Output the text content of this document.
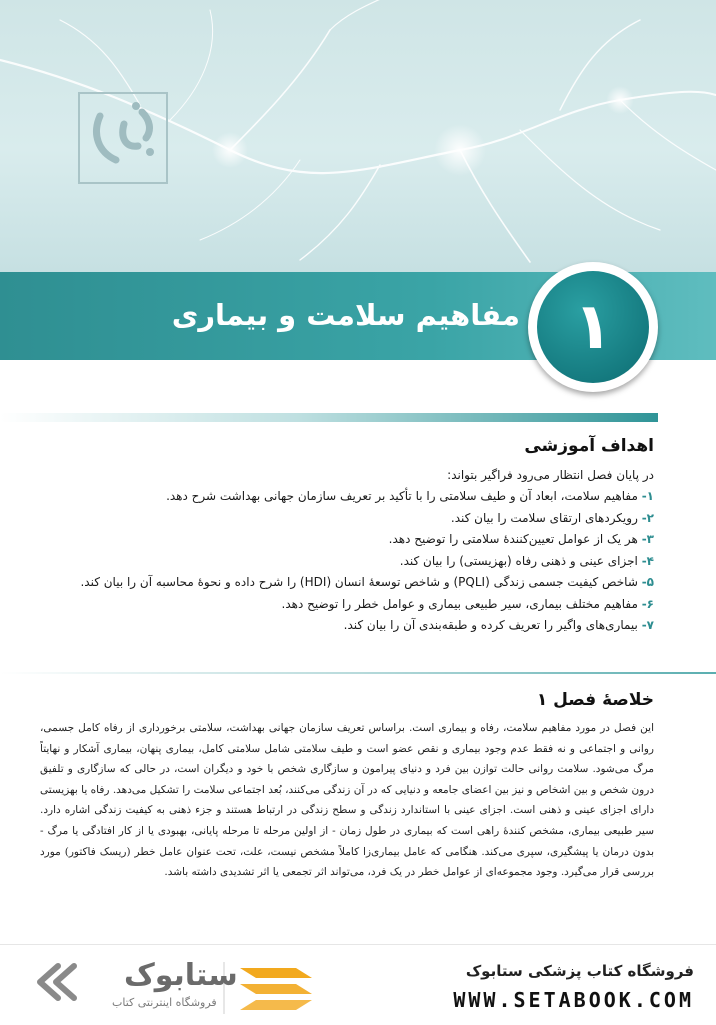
مفاهیم سلامت و بیماری ۱
اهداف آموزشی

در پایان فصل انتظار می‌رود فراگیر بتواند:

۱- مفاهیم سلامت، ابعاد آن و طیف سلامتی را با تأکید بر تعریف سازمان جهانی بهداشت شرح دهد.
۲- رویکردهای ارتقای سلامت را بیان کند.
۳- هر یک از عوامل تعیین‌کنندهٔ سلامتی را توضیح دهد.
۴- اجزای عینی و ذهنی رفاه (بهزیستی) را بیان کند.
۵- شاخص کیفیت جسمی زندگی (PQLI) و شاخص توسعهٔ انسان (HDI) را شرح داده و نحوهٔ محاسبه آن را بیان کند.
۶- مفاهیم مختلف بیماری، سیر طبیعی بیماری و عوامل خطر را توضیح دهد.
۷- بیماری‌های واگیر را تعریف کرده و طبقه‌بندی آن را بیان کند.
خلاصهٔ فصل ۱

این فصل در مورد مفاهیم سلامت، رفاه و بیماری است. براساس تعریف سازمان جهانی بهداشت، سلامتی برخورداری از رفاه کامل جسمی، روانی و اجتماعی و نه فقط عدم وجود بیماری و نقص عضو است و طیف سلامتی شامل سلامتی کامل، بیماری پنهان، بیماری آشکار و نهایتاً مرگ می‌شود. سلامت روانی حالت توازن بین فرد و دنیای پیرامون و سازگاری شخص با خود و دیگران است، در حالی که سازگاری و تلفیق درون شخص و بین اشخاص و نیز بین اعضای جامعه و دنیایی که در آن زندگی می‌کنند، بُعد اجتماعی سلامت را تشکیل می‌دهد. رفاه یا بهزیستی دارای اجزای عینی و ذهنی است. اجزای عینی با استاندارد زندگی و سطح زندگی در ارتباط هستند و جزء ذهنی به کیفیت زندگی اشاره دارد. سیر طبیعی بیماری، مشخص کنندهٔ راهی است که بیماری در طول زمان - از اولین مرحله تا مرحله پایانی، بهبودی یا از کار افتادگی یا مرگ - بدون درمان یا پیشگیری، سپری می‌کند. هنگامی که عامل بیماری‌زا کاملاً مشخص نیست، علت، تحت عنوان عامل خطر (ریسک فاکتور) مورد بررسی قرار می‌گیرد. وجود مجموعه‌ای از عوامل خطر در یک فرد، می‌تواند اثر تجمعی یا اثر تشدیدی داشته باشد.

فروشگاه کتاب پزشکی ستابوک
WWW.SETABOOK.COM
ستابوک
فروشگاه اینترنتی کتاب
